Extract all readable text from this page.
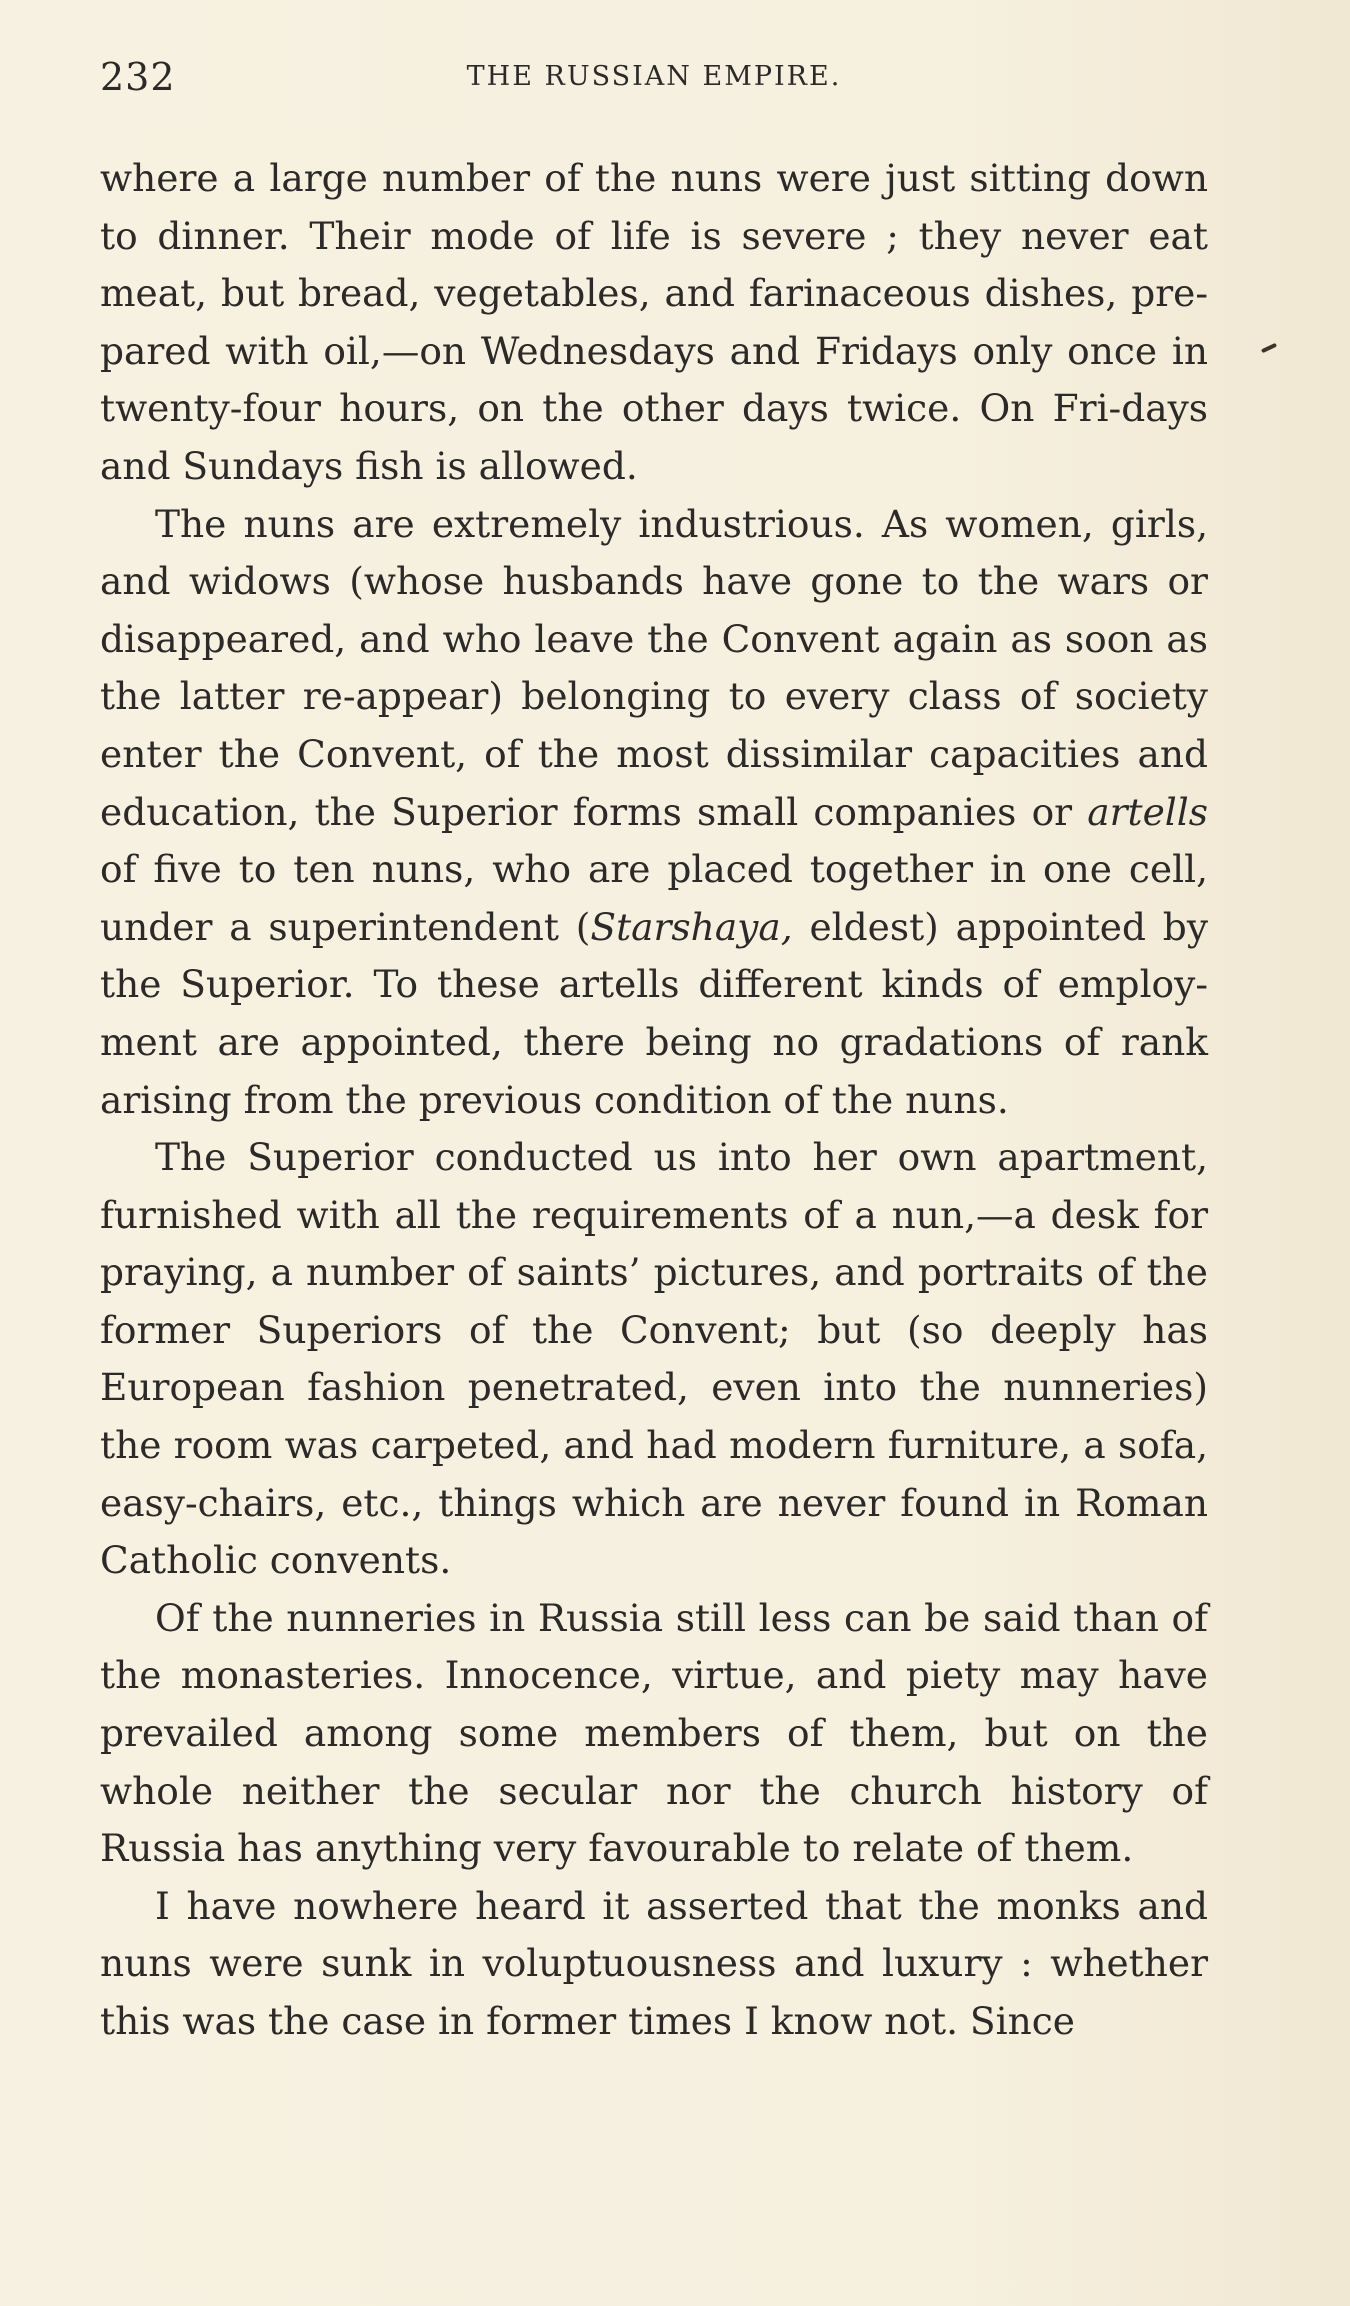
232	THE RUSSIAN EMPIRE.

where a large number of the nuns were just sitting down to dinner. Their mode of life is severe ; they never eat meat, but bread, vegetables, and farinaceous dishes, pre-pared with oil,—on Wednesdays and Fridays only once in twenty-four hours, on the other days twice. On Fri-days and Sundays fish is allowed.

The nuns are extremely industrious. As women, girls, and widows (whose husbands have gone to the wars or disappeared, and who leave the Convent again as soon as the latter re-appear) belonging to every class of society enter the Convent, of the most dissimilar capacities and education, the Superior forms small companies or artells of five to ten nuns, who are placed together in one cell, under a superintendent (Starshaya, eldest) appointed by the Superior. To these artells different kinds of employ-ment are appointed, there being no gradations of rank arising from the previous condition of the nuns.

The Superior conducted us into her own apartment, furnished with all the requirements of a nun,—a desk for praying, a number of saints’ pictures, and portraits of the former Superiors of the Convent; but (so deeply has European fashion penetrated, even into the nunneries) the room was carpeted, and had modern furniture, a sofa, easy-chairs, etc., things which are never found in Roman Catholic convents.

Of the nunneries in Russia still less can be said than of the monasteries. Innocence, virtue, and piety may have prevailed among some members of them, but on the whole neither the secular nor the church history of Russia has anything very favourable to relate of them.

I have nowhere heard it asserted that the monks and nuns were sunk in voluptuousness and luxury : whether this was the case in former times I know not. Since
